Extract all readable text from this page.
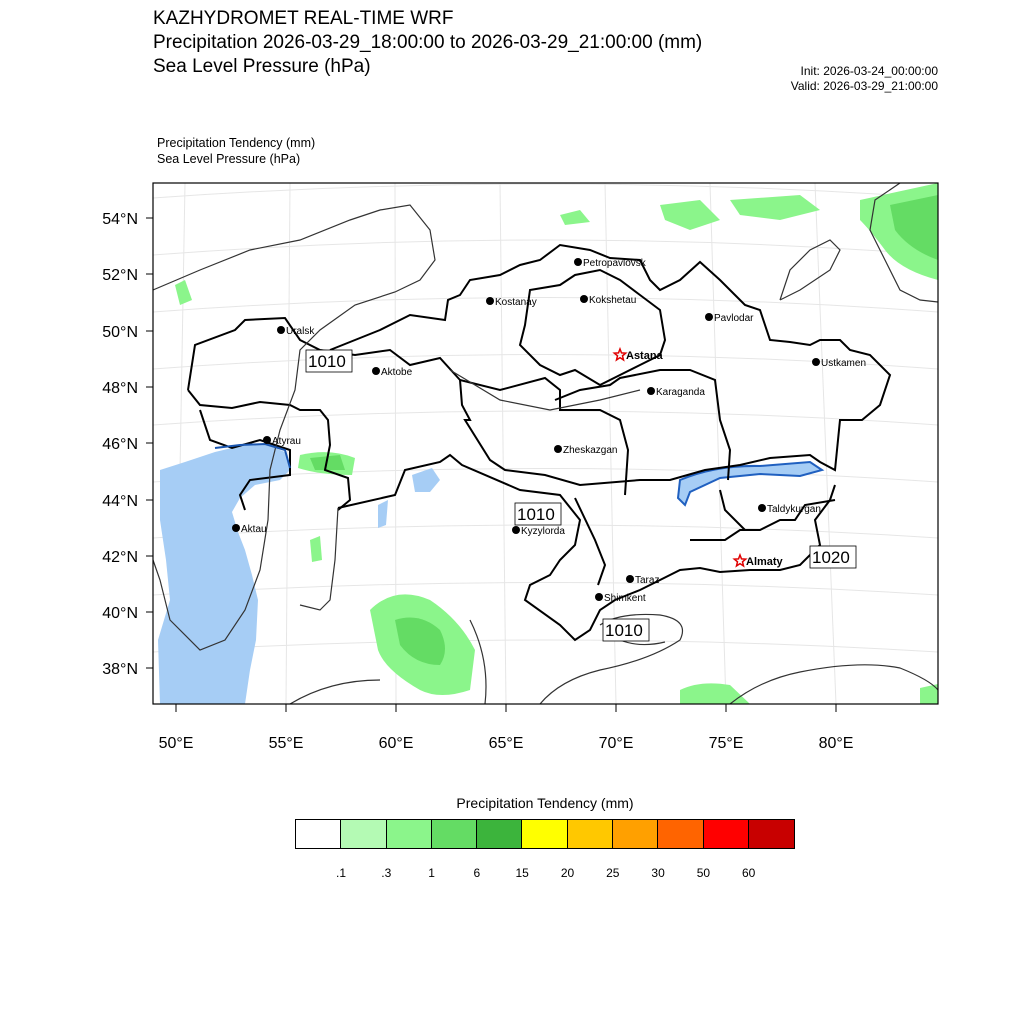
KAZHYDROMET REAL-TIME WRF
Precipitation 2026-03-29_18:00:00 to 2026-03-29_21:00:00 (mm)
Sea Level Pressure (hPa)	Init: 2026-03-24_00:00:00
Valid: 2026-03-29_21:00:00
Precipitation Tendency (mm)
Sea Level Pressure (hPa)
54°N
52°N
50°N
48°N
46°N
44°N
42°N
40°N
38°N
50°E	55°E	60°E	65°E	70°E	75°E	80°E
1010
1010
1020
1010
Petropavlovsk
Kostanay	Kokshetau
Pavlodar
Uralsk
Astana
Aktobe
Ustkamen
Karaganda
Atyrau
Zheskazgan
Aktau	Kyzylorda
Taldykurgan
Almaty
Taraz
Shimkent
Precipitation Tendency (mm)
.1	.3	1	6	15	20	25	30	50	60
